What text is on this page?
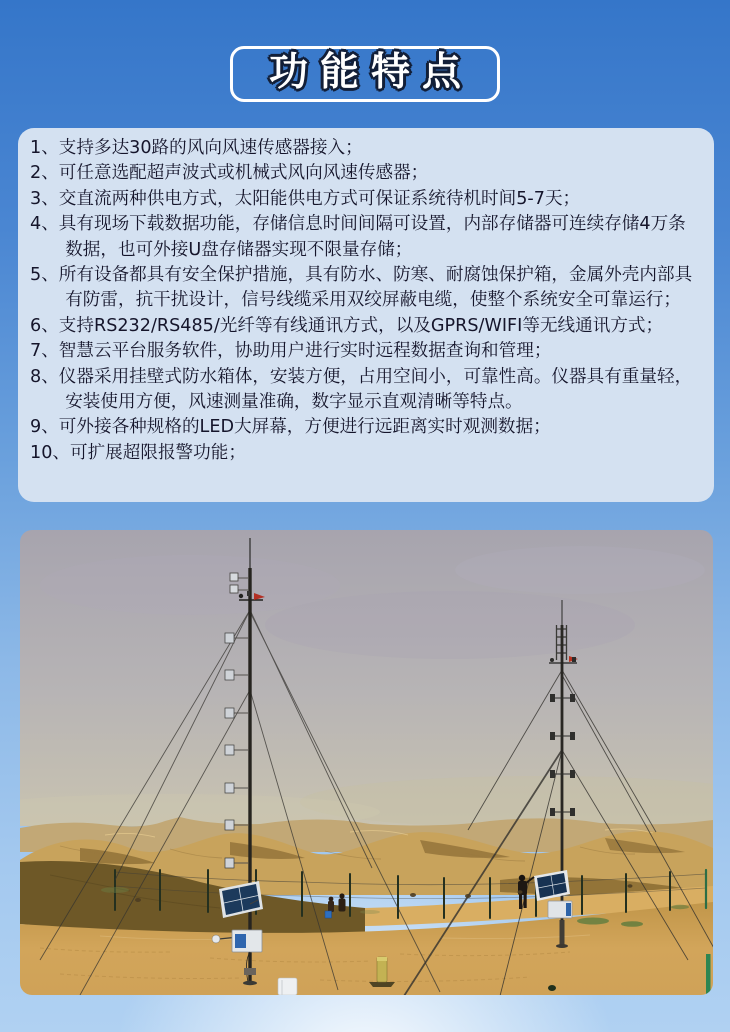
功能特点
1、支持多达30路的风向风速传感器接入；
2、可任意选配超声波式或机械式风向风速传感器；
3、交直流两种供电方式，太阳能供电方式可保证系统待机时间5-7天；
4、具有现场下载数据功能，存储信息时间间隔可设置，内部存储器可连续存储4万条数据，也可外接U盘存储器实现不限量存储；
5、所有设备都具有安全保护措施，具有防水、防寒、耐腐蚀保护箱，金属外壳内部具有防雷，抗干扰设计，信号线缆采用双绞屏蔽电缆，使整个系统安全可靠运行；
6、支持RS232/RS485/光纤等有线通讯方式，以及GPRS/WIFI等无线通讯方式；
7、智慧云平台服务软件，协助用户进行实时远程数据查询和管理；
8、仪器采用挂壁式防水箱体，安装方便，占用空间小，可靠性高。仪器具有重量轻，安装使用方便，风速测量准确，数字显示直观清晰等特点。
9、可外接各种规格的LED大屏幕，方便进行远距离实时观测数据；
10、可扩展超限报警功能；
